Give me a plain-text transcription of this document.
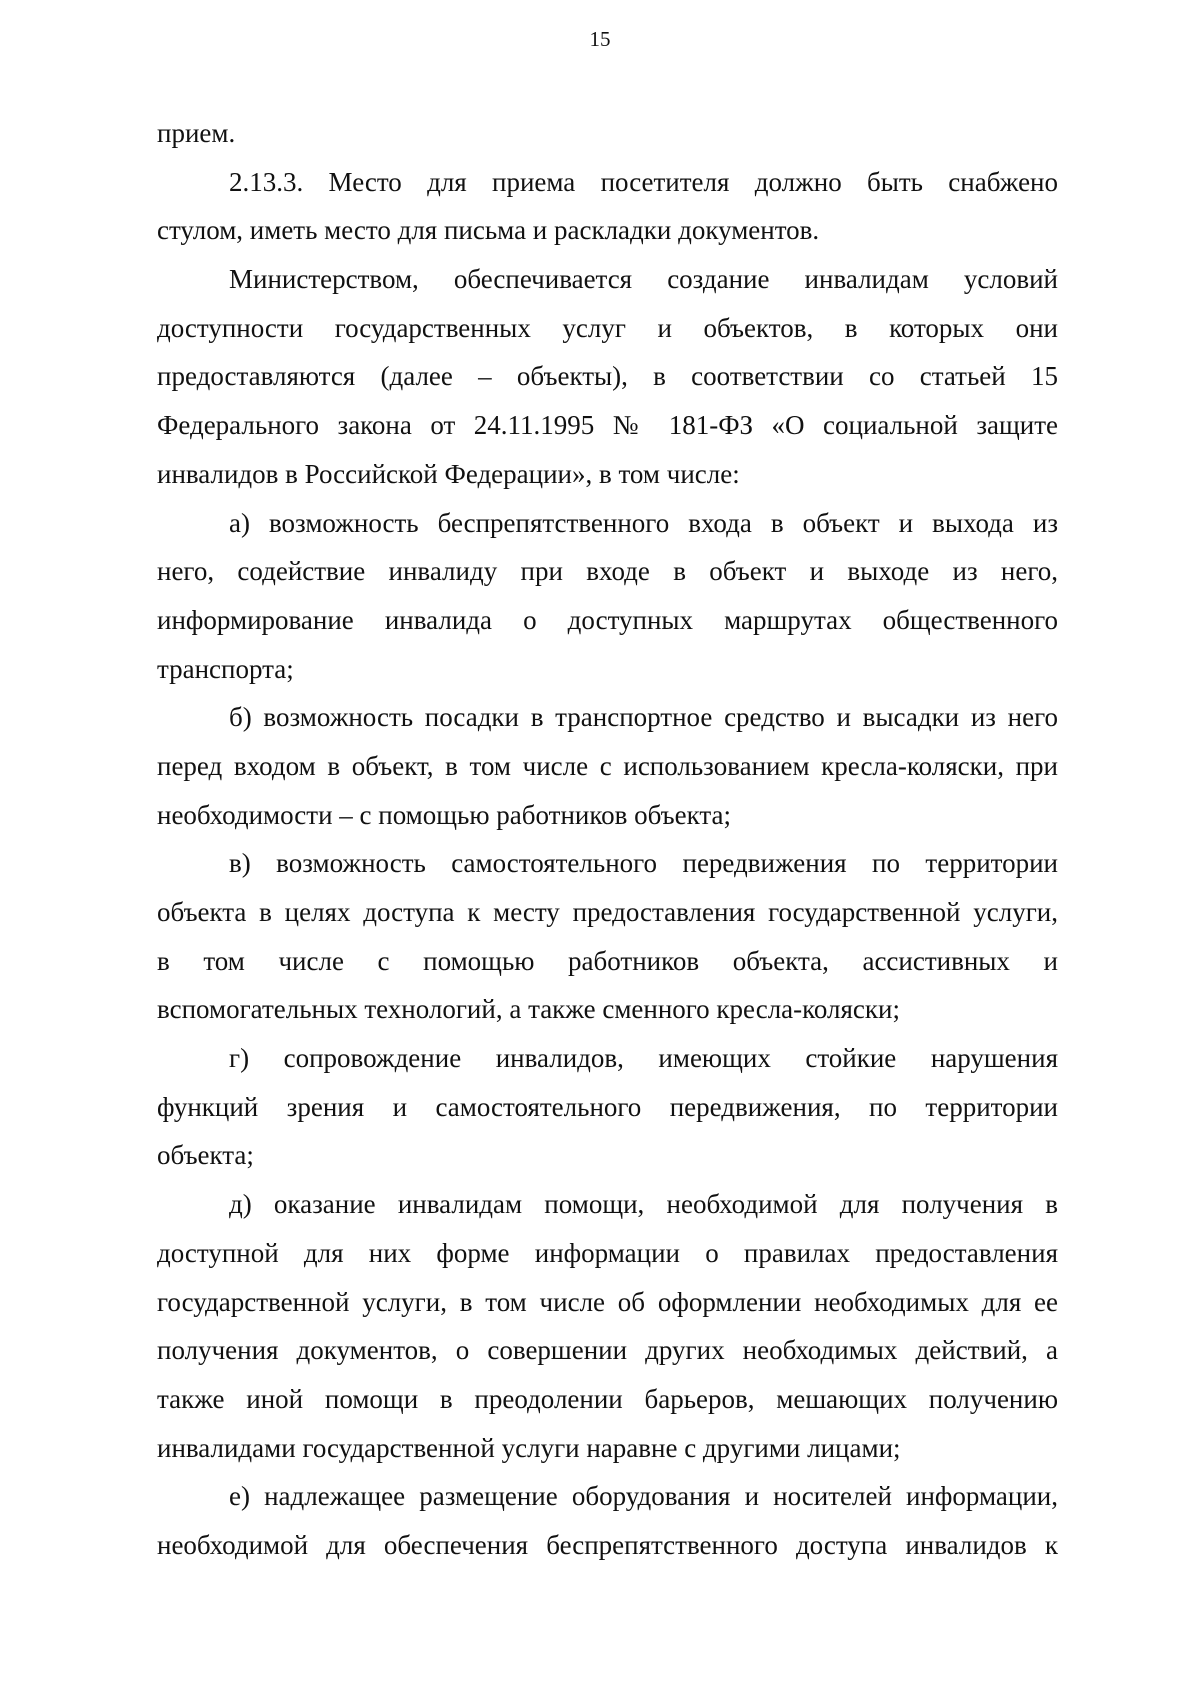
15
прием.
2.13.3. Место для приема посетителя должно быть снабжено
стулом, иметь место для письма и раскладки документов.
Министерством, обеспечивается создание инвалидам условий
доступности государственных услуг и объектов, в которых они
предоставляются (далее – объекты), в соответствии со статьей 15
Федерального закона от 24.11.1995 № 181-ФЗ «О социальной защите
инвалидов в Российской Федерации», в том числе:
а) возможность беспрепятственного входа в объект и выхода из
него, содействие инвалиду при входе в объект и выходе из него,
информирование инвалида о доступных маршрутах общественного
транспорта;
б) возможность посадки в транспортное средство и высадки из него
перед входом в объект, в том числе с использованием кресла-коляски, при
необходимости – с помощью работников объекта;
в) возможность самостоятельного передвижения по территории
объекта в целях доступа к месту предоставления государственной услуги,
в том числе с помощью работников объекта, ассистивных и
вспомогательных технологий, а также сменного кресла-коляски;
г) сопровождение инвалидов, имеющих стойкие нарушения
функций зрения и самостоятельного передвижения, по территории
объекта;
д) оказание инвалидам помощи, необходимой для получения в
доступной для них форме информации о правилах предоставления
государственной услуги, в том числе об оформлении необходимых для ее
получения документов, о совершении других необходимых действий, а
также иной помощи в преодолении барьеров, мешающих получению
инвалидами государственной услуги наравне с другими лицами;
е) надлежащее размещение оборудования и носителей информации,
необходимой для обеспечения беспрепятственного доступа инвалидов к
